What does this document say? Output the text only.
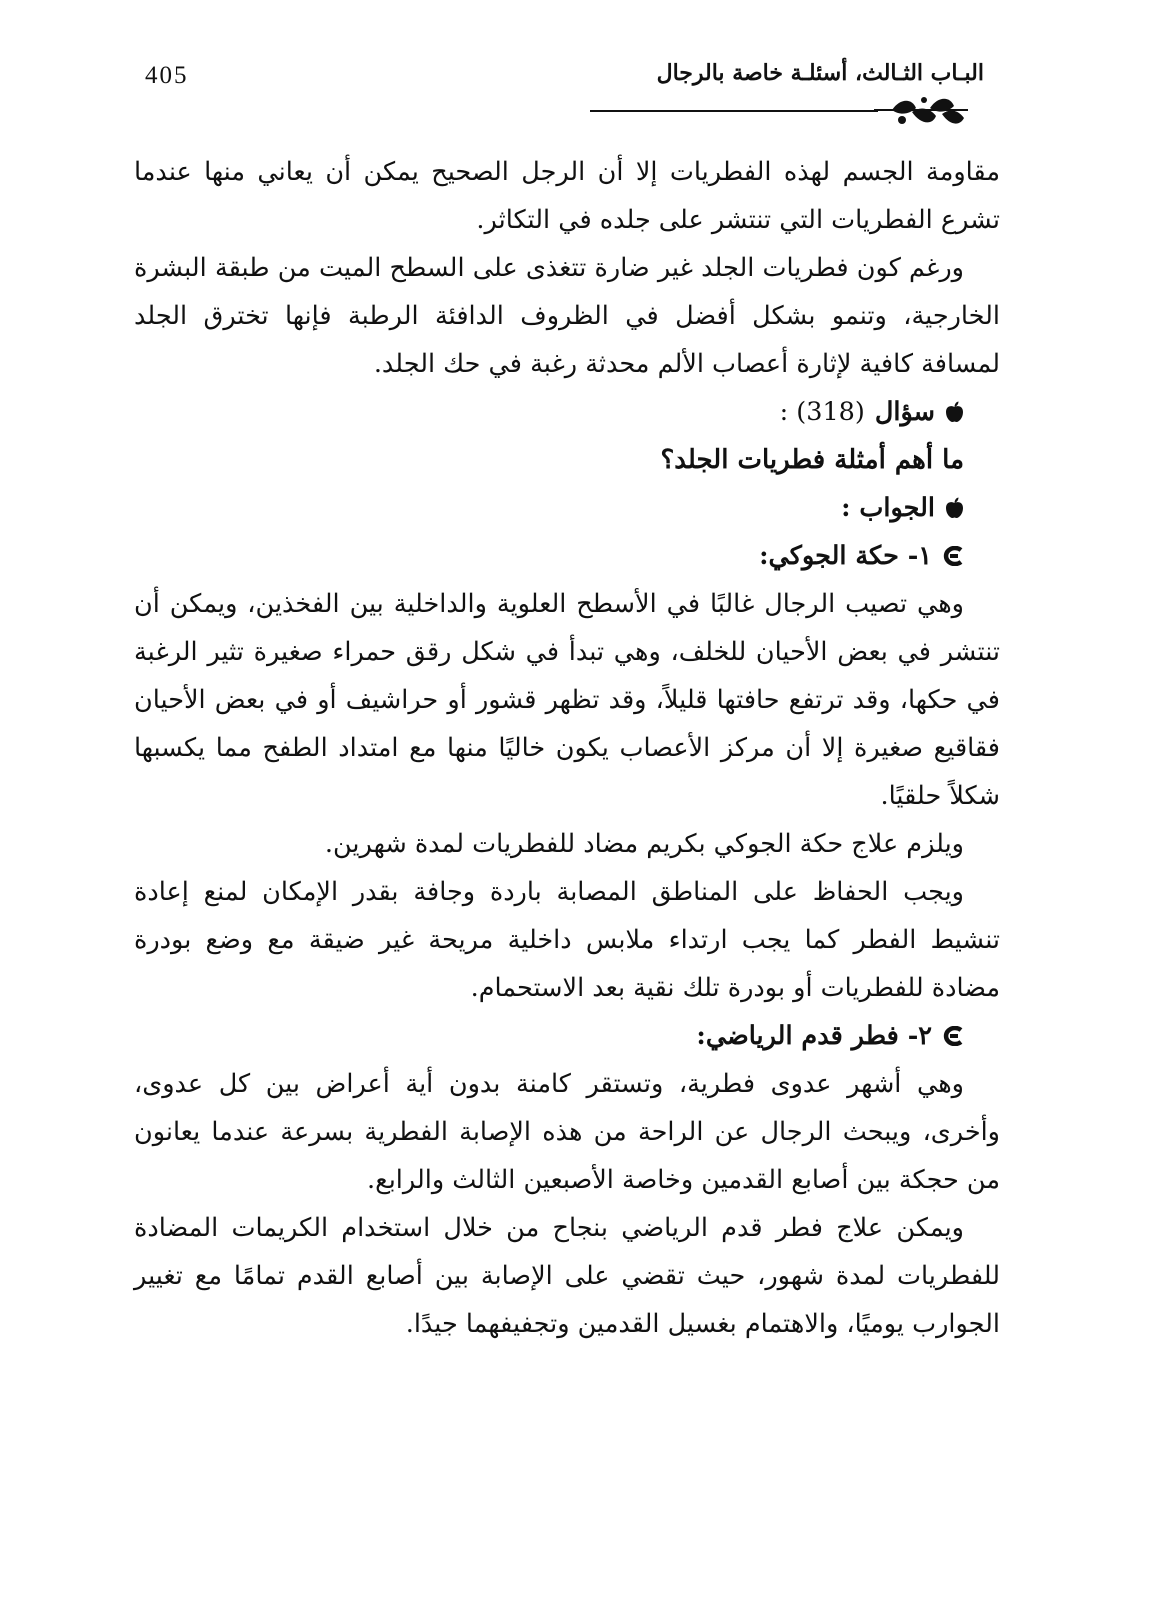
405	البـاب الثـالث، أسئلـة خاصة بالرجال

مقاومة الجسم لهذه الفطريات إلا أن الرجل الصحيح يمكن أن يعاني منها عندما تشرع الفطريات التي تنتشر على جلده في التكاثر.

ورغم كون فطريات الجلد غير ضارة تتغذى على السطح الميت من طبقة البشرة الخارجية، وتنمو بشكل أفضل في الظروف الدافئة الرطبة فإنها تخترق الجلد لمسافة كافية لإثارة أعصاب الألم محدثة رغبة في حك الجلد.

سؤال
(318) :

ما أهم أمثلة فطريات الجلد؟

الجواب :

١- حكة الجوكي:

وهي تصيب الرجال غالبًا في الأسطح العلوية والداخلية بين الفخذين، ويمكن أن تنتشر في بعض الأحيان للخلف، وهي تبدأ في شكل رقق حمراء صغيرة تثير الرغبة في حكها، وقد ترتفع حافتها قليلاً، وقد تظهر قشور أو حراشيف أو في بعض الأحيان فقاقيع صغيرة إلا أن مركز الأعصاب يكون خاليًا منها مع امتداد الطفح مما يكسبها شكلاً حلقيًا.

ويلزم علاج حكة الجوكي بكريم مضاد للفطريات لمدة شهرين.

ويجب الحفاظ على المناطق المصابة باردة وجافة بقدر الإمكان لمنع إعادة تنشيط الفطر كما يجب ارتداء ملابس داخلية مريحة غير ضيقة مع وضع بودرة مضادة للفطريات أو بودرة تلك نقية بعد الاستحمام.

٢- فطر قدم الرياضي:

وهي أشهر عدوى فطرية، وتستقر كامنة بدون أية أعراض بين كل عدوى، وأخرى، ويبحث الرجال عن الراحة من هذه الإصابة الفطرية بسرعة عندما يعانون من حجكة بين أصابع القدمين وخاصة الأصبعين الثالث والرابع.

ويمكن علاج فطر قدم الرياضي بنجاح من خلال استخدام الكريمات المضادة للفطريات لمدة شهور، حيث تقضي على الإصابة بين أصابع القدم تمامًا مع تغيير الجوارب يوميًا، والاهتمام بغسيل القدمين وتجفيفهما جيدًا.
